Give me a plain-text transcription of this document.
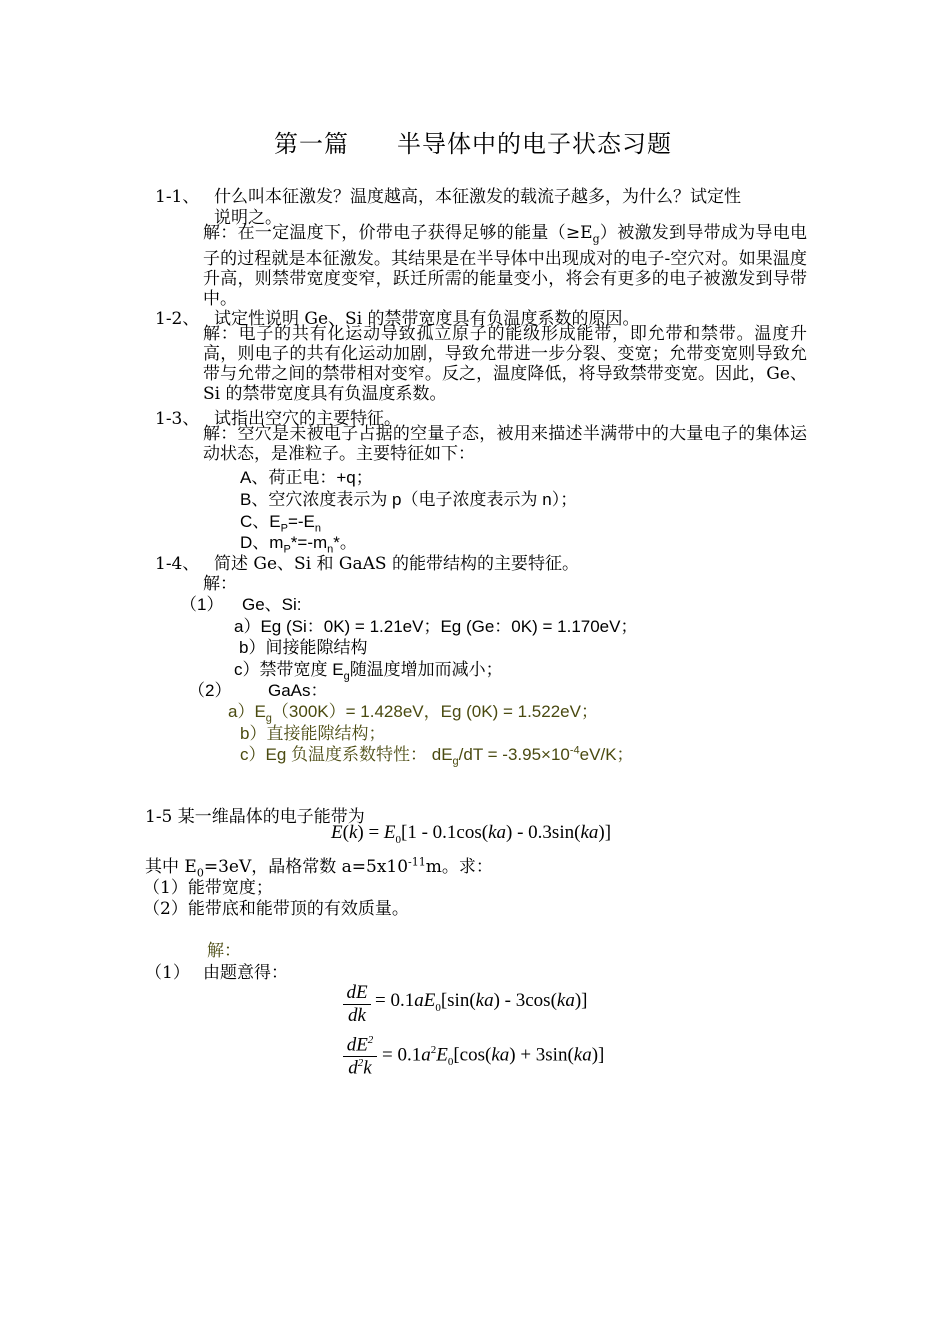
第一篇 半导体中的电子状态习题
1-1、 什么叫本征激发？温度越高，本征激发的载流子越多，为什么？试定性
说明之。
解：在一定温度下，价带电子获得足够的能量$(\ge E_g)$被激发到导带成为导电电子的过程就是本征激发。其结果是在半导体中出现成对的电子-空穴对。如果温度升高，则禁带宽度变窄，跃迁所需的能量变小，将会有更多的电子被激发到导带中。
1-2、 试定性说明 Ge、Si 的禁带宽度具有负温度系数的原因。
解：电子的共有化运动导致孤立原子的能级形成能带，即允带和禁带。温度升高，则电子的共有化运动加剧，导致允带进一步分裂、变宽；允带变宽则导致允带与允带之间的禁带相对变窄。反之，温度降低，将导致禁带变宽。因此，Ge、Si 的禁带宽度具有负温度系数。
1-3、 试指出空穴的主要特征。
解：空穴是未被电子占据的空量子态，被用来描述半满带中的大量电子的集体运动状态，是准粒子。主要特征如下：
A、荷正电：+q；
B、空穴浓度表示为 p（电子浓度表示为 n）；
C、$E_P=-E_n$
D、$m_P*=-m_n*$。
1-4、 简述 Ge、Si 和 GaAS 的能带结构的主要特征。
解：
（1） Ge、Si:
a）Eg (Si：0K) = 1.21eV；Eg (Ge：0K) = 1.170eV；
b）间接能隙结构
c）禁带宽度 $E_g$随温度增加而减小；
（2） GaAs：
$a)E_g(300K)= 1.428eV$，Eg (0K) = 1.522eV；
b）直接能隙结构；
c）Eg 负温度系数特性： $dE_g/dT = -3.95\times 10^{-4}eV/K$；
1-5 某一维晶体的电子能带为
$E(k) = E_0[1 - 0.1\cos(ka) - 0.3\sin(ka)]$
其中 $E_0=3eV$，晶格常数 $a=5x10^{-11}m$。求：
（1）能带宽度；
（2）能带底和能带顶的有效质量。
解：
（1） 由题意得：
$\frac{dE}{dk} = 0.1aE_0[\sin(ka) - 3\cos(ka)]$
$\frac{dE^2}{d^2k} = 0.1a^2E_0[\cos(ka) + 3\sin(ka)]$
